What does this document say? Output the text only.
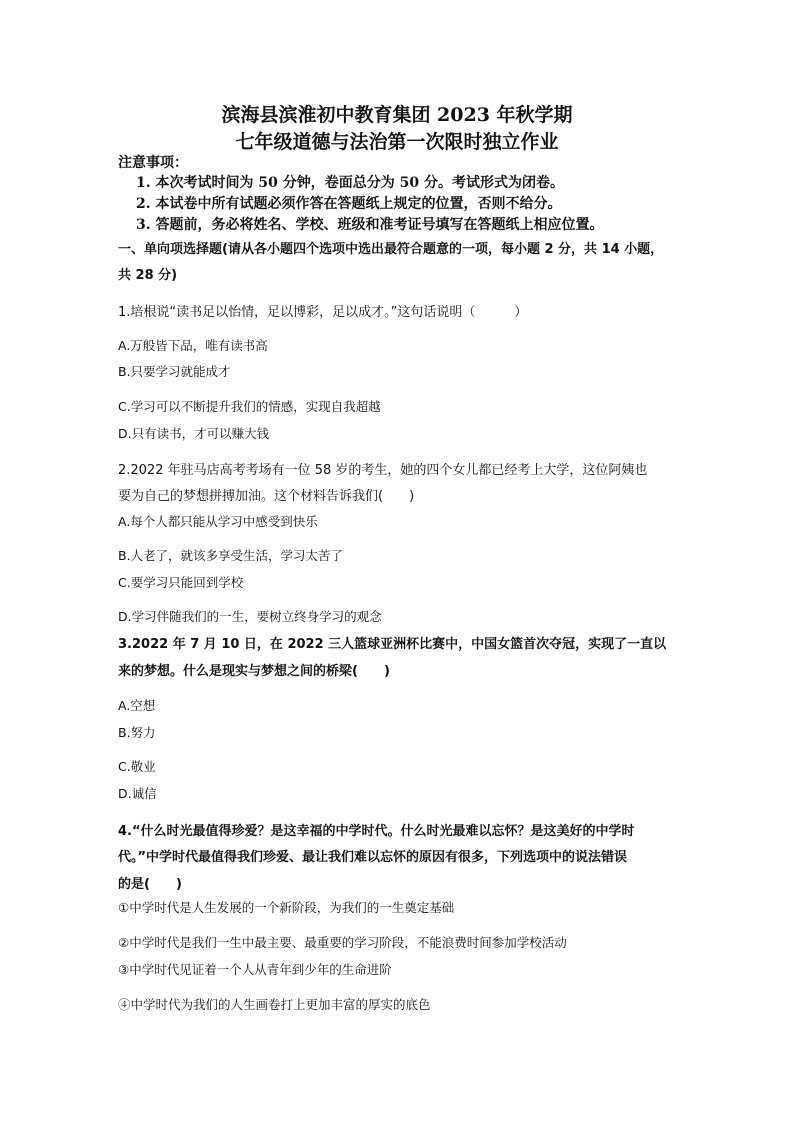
滨海县滨淮初中教育集团 2023 年秋学期
七年级道德与法治第一次限时独立作业
注意事项：
1. 本次考试时间为 50 分钟，卷面总分为 50 分。考试形式为闭卷。
2. 本试卷中所有试题必须作答在答题纸上规定的位置，否则不给分。
3. 答题前，务必将姓名、学校、班级和准考证号填写在答题纸上相应位置。
一、单向项选择题(请从各小题四个选项中选出最符合题意的一项，每小题 2 分，共 14 小题，
共 28 分)
1.培根说“读书足以怡情，足以博彩，足以成才。”这句话说明（　　　）
A.万般皆下品，唯有读书高
B.只要学习就能成才
C.学习可以不断提升我们的情感，实现自我超越
D.只有读书，才可以赚大钱
2.2022 年驻马店高考考场有一位 58 岁的考生，她的四个女儿都已经考上大学，这位阿姨也
要为自己的梦想拼搏加油。这个材料告诉我们(　　)
A.每个人都只能从学习中感受到快乐
B.人老了，就该多享受生活，学习太苦了
C.要学习只能回到学校
D.学习伴随我们的一生，要树立终身学习的观念
3.2022 年 7 月 10 日，在 2022 三人篮球亚洲杯比赛中，中国女篮首次夺冠，实现了一直以
来的梦想。什么是现实与梦想之间的桥梁(　　)
A.空想
B.努力
C.敬业
D.诚信
4.“什么时光最值得珍爱？是这幸福的中学时代。什么时光最难以忘怀？是这美好的中学时
代。”中学时代最值得我们珍爱、最让我们难以忘怀的原因有很多，下列选项中的说法错误
的是(　　)
①中学时代是人生发展的一个新阶段，为我们的一生奠定基础
②中学时代是我们一生中最主要、最重要的学习阶段，不能浪费时间参加学校活动
③中学时代见证着一个人从青年到少年的生命进阶
④中学时代为我们的人生画卷打上更加丰富的厚实的底色
